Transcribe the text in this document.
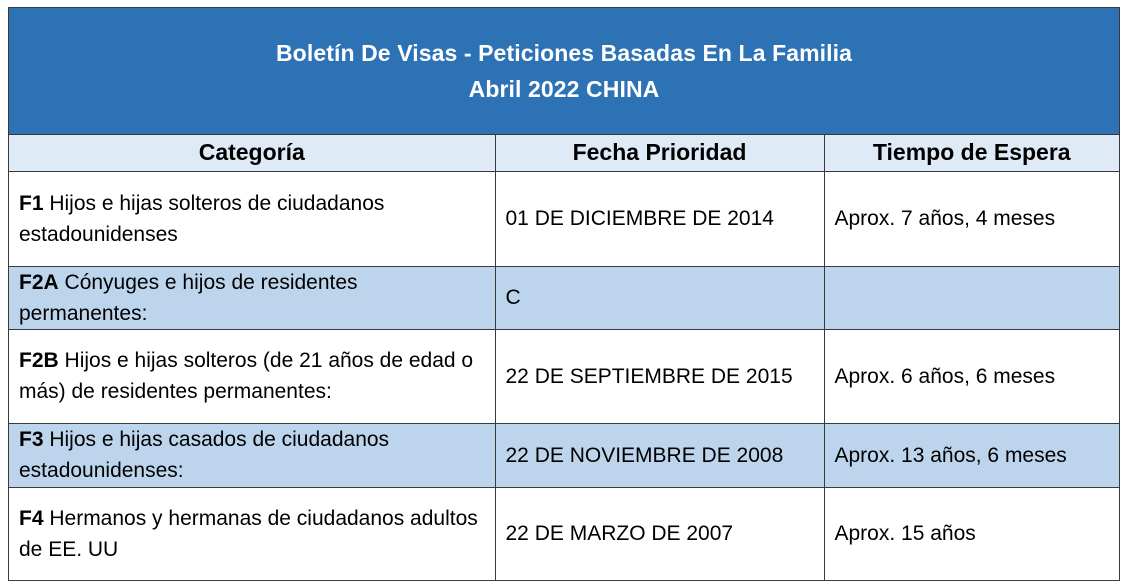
Boletín De Visas - Peticiones Basadas En La Familia
Abril 2022 CHINA
Categoría	Fecha Prioridad	Tiempo de Espera
F1 Hijos e hijas solteros de ciudadanos estadounidenses	01 DE DICIEMBRE DE 2014	Aprox. 7 años, 4 meses
F2A Cónyuges e hijos de residentes permanentes:	C	
F2B Hijos e hijas solteros (de 21 años de edad o más) de residentes permanentes:	22 DE SEPTIEMBRE DE 2015	Aprox. 6 años, 6 meses
F3 Hijos e hijas casados de ciudadanos estadounidenses:	22 DE NOVIEMBRE DE 2008	Aprox. 13 años, 6 meses
F4 Hermanos y hermanas de ciudadanos adultos de EE. UU	22 DE MARZO DE 2007	Aprox. 15 años
